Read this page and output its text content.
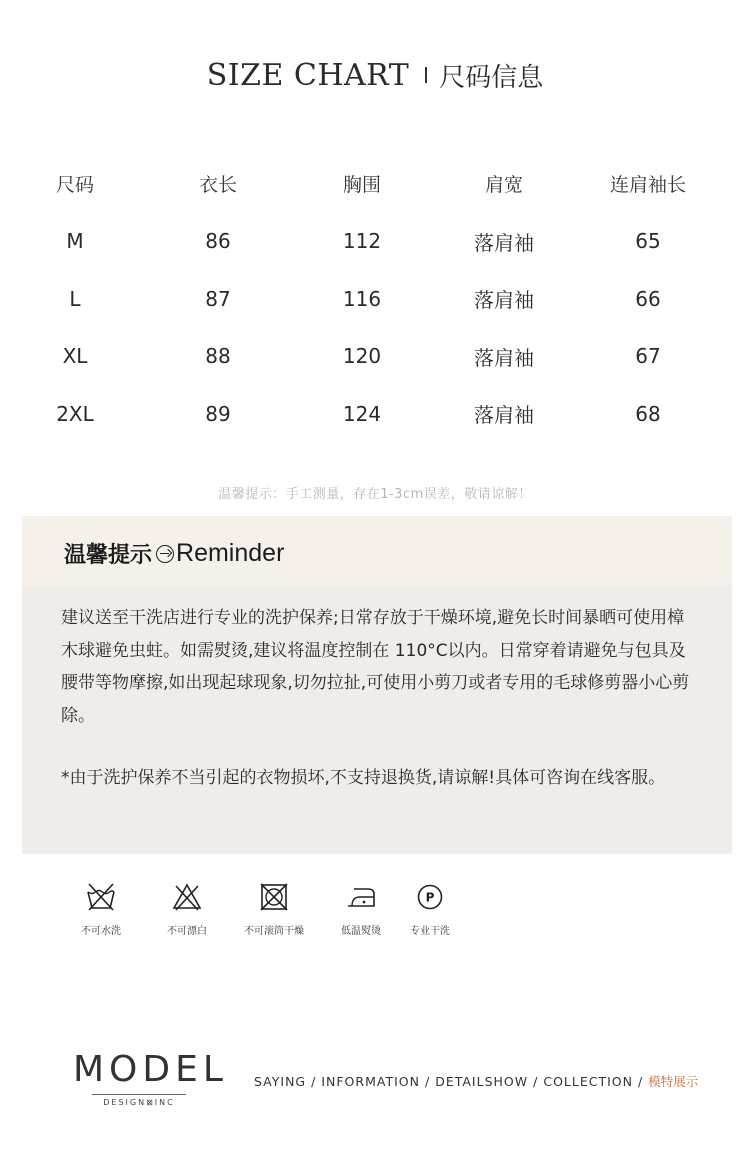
SIZE CHART 尺码信息
尺码	衣长	胸围	肩宽	连肩袖长
M	86	112	落肩袖	65
L	87	116	落肩袖	66
XL	88	120	落肩袖	67
2XL	89	124	落肩袖	68
温馨提示：手工测量，存在1-3cm误差，敬请谅解！
温馨提示 Reminder

建议送至干洗店进行专业的洗护保养;日常存放于干燥环境,避免长时间暴晒可使用樟木球避免虫蛀。如需熨烫,建议将温度控制在 110°C以内。日常穿着请避免与包具及腰带等物摩擦,如出现起球现象,切勿拉扯,可使用小剪刀或者专用的毛球修剪器小心剪除。

*由于洗护保养不当引起的衣物损坏,不支持退换货,请谅解!具体可咨询在线客服。

不可水洗	不可漂白	不可滚筒干燥	低温熨烫
P
专业干洗
MODEL
DESIGN⊠INC
SAYING / INFORMATION / DETAILSHOW / COLLECTION / 模特展示
